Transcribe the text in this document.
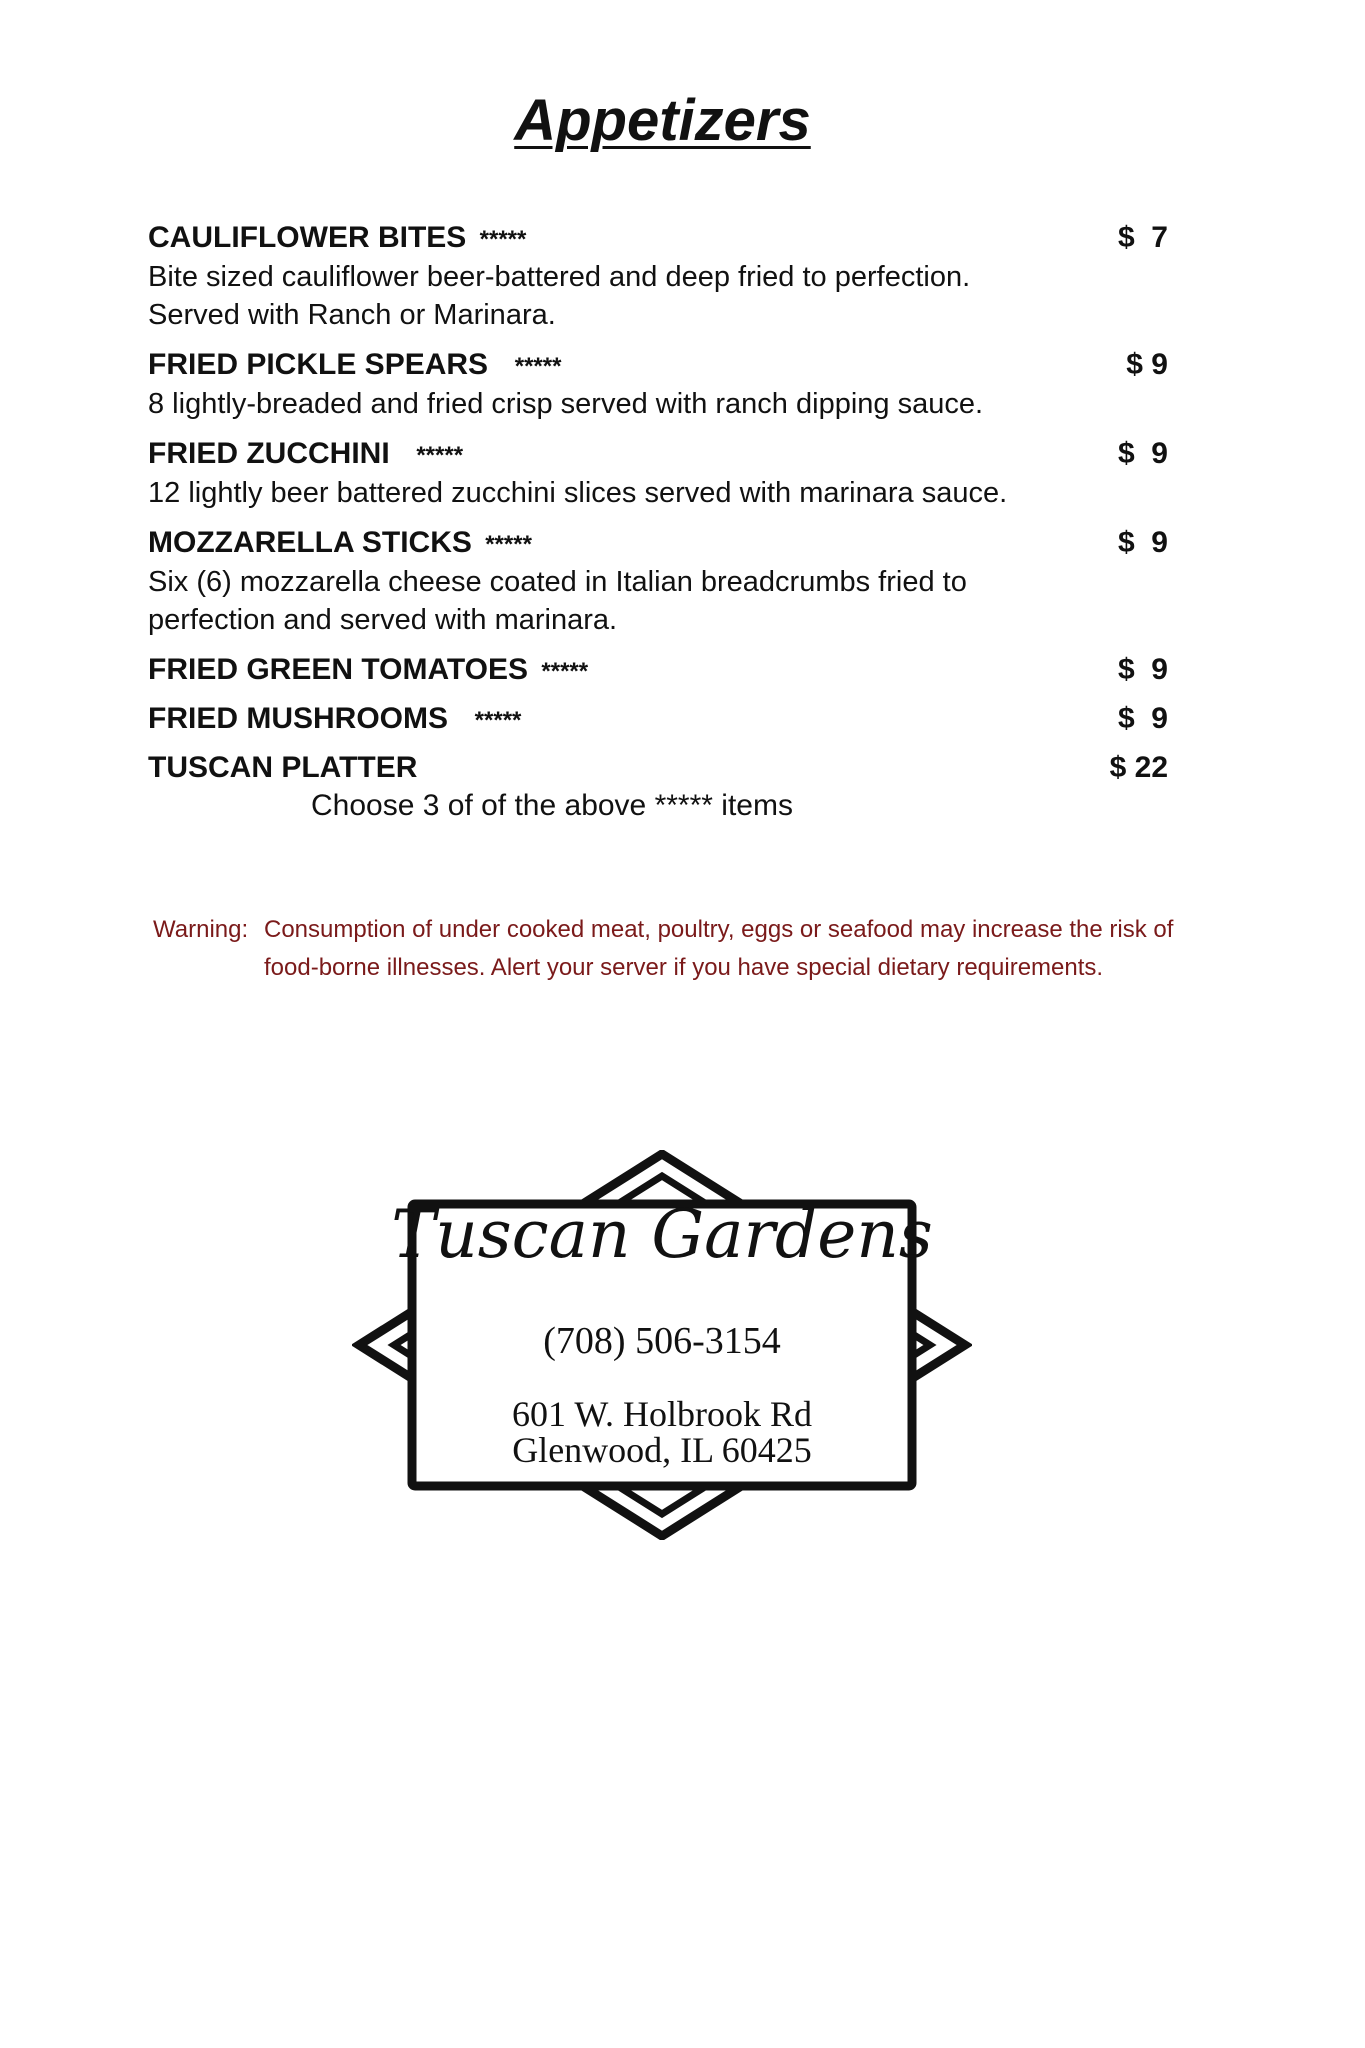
Appetizers
CAULIFLOWER BITES *****	$  7
Bite sized cauliflower beer-battered and deep fried to perfection.
Served with Ranch or Marinara.
FRIED PICKLE SPEARS *****	$ 9
8 lightly-breaded and fried crisp served with ranch dipping sauce.
FRIED ZUCCHINI *****	$  9
12 lightly beer battered zucchini slices served with marinara sauce.
MOZZARELLA STICKS *****	$  9
Six (6) mozzarella cheese coated in Italian breadcrumbs fried to
perfection and served with marinara.
FRIED GREEN TOMATOES *****	$  9
FRIED MUSHROOMS *****	$  9
TUSCAN PLATTER	$ 22
Choose 3 of of the above ***** items
Warning: Consumption of under cooked meat, poultry, eggs or seafood may increase the risk of food-borne illnesses. Alert your server if you have special dietary requirements.
Tuscan Gardens
(708) 506-3154
601 W. Holbrook Rd
Glenwood, IL 60425
